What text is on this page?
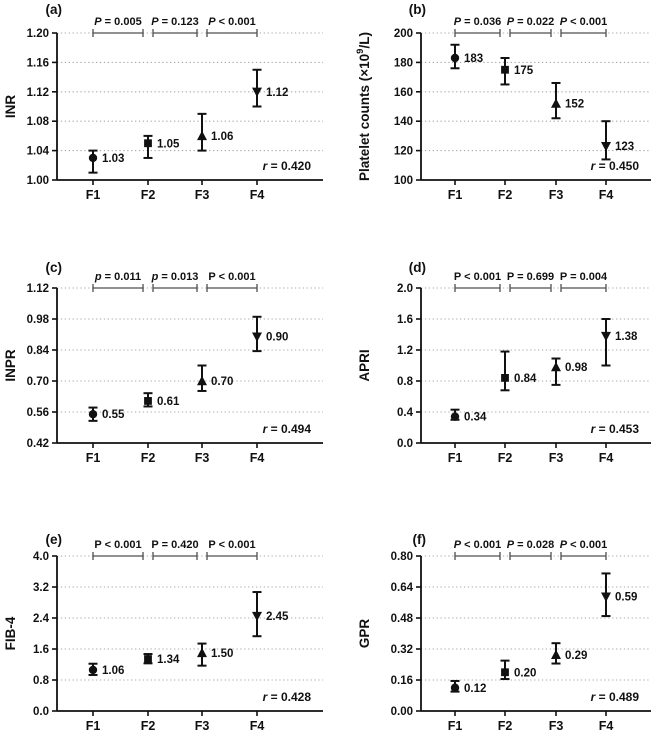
1.00
1.04
1.08
1.12
1.16
1.20
F1	F2	F3	F4
P = 0.005 P = 0.123 P < 0.001
1.03
1.05
1.06
1.12
r = 0.420
(a)
INR
100
120
140
160
180
200
F1	F2	F3	F4
P = 0.036 P = 0.022 P < 0.001
183
175
152
123
r = 0.450
(b)
Platelet counts $(\times 10^9/L)$
0.42
0.56
0.70
0.84
0.98
1.12
F1	F2	F3	F4
p = 0.011 p = 0.013 P < 0.001
0.55
0.61
0.70
0.90
r = 0.494
(c)
INPR
0.0
0.4
0.8
1.2
1.6
2.0
F1	F2	F3	F4
P < 0.001 P = 0.699 P = 0.004
0.34
0.84
0.98
1.38
r = 0.453
(d)
APRI
0.0
0.8
1.6
2.4
3.2
4.0
F1	F2	F3	F4
P < 0.001 P = 0.420 P < 0.001
1.06
1.34
1.50
2.45
r = 0.428
(e)
FIB-4
0.00
0.16
0.32
0.48
0.64
0.80
F1	F2	F3	F4
P < 0.001 P = 0.028 P < 0.001
0.12
0.20
0.29
0.59
r = 0.489
(f)
GPR
